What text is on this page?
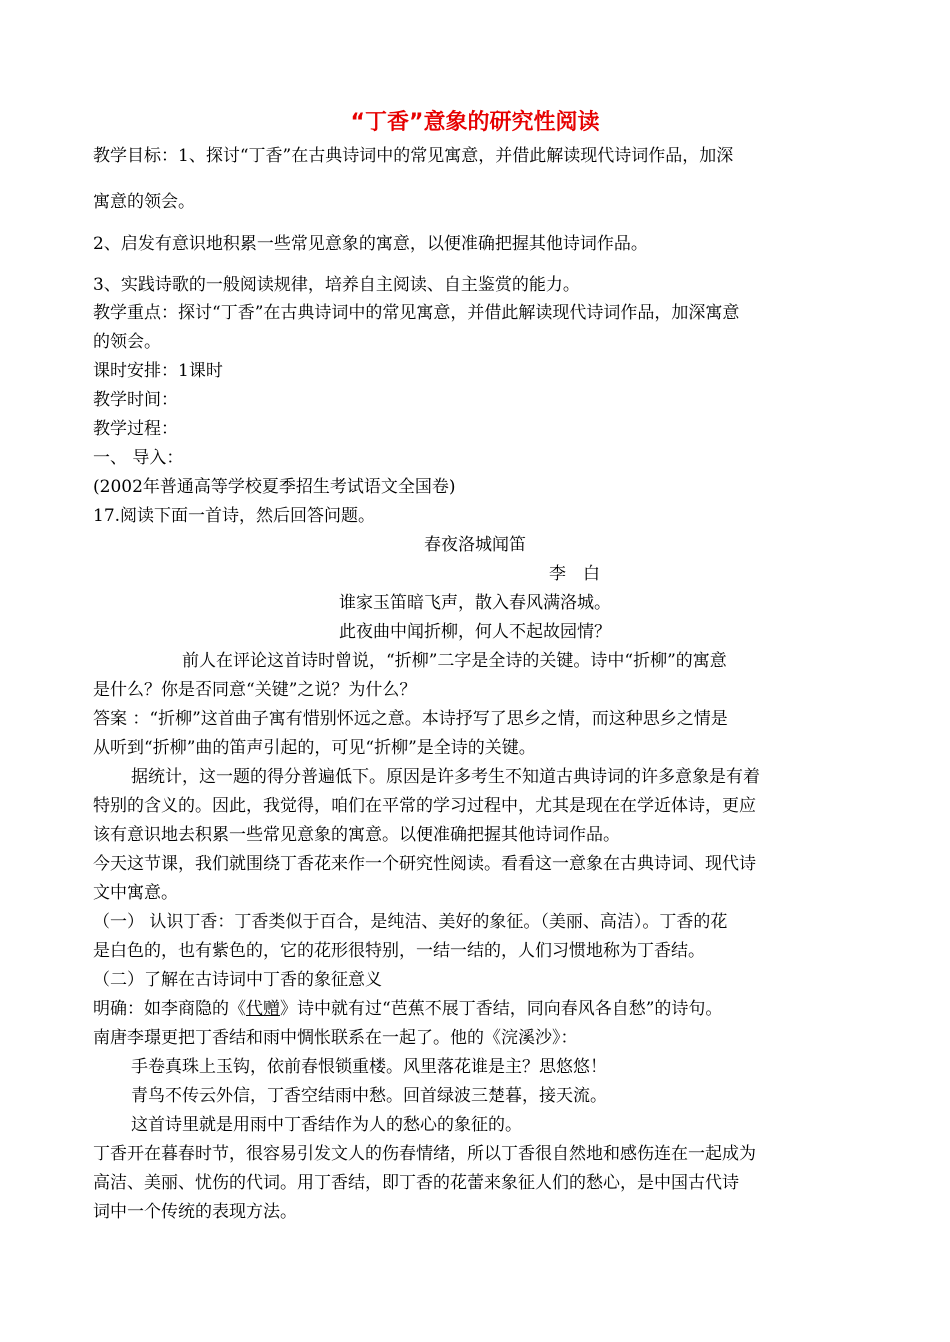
“丁香”意象的研究性阅读
教学目标：1、探讨“丁香”在古典诗词中的常见寓意，并借此解读现代诗词作品，加深
寓意的领会。
2、启发有意识地积累一些常见意象的寓意，以便准确把握其他诗词作品。
3、实践诗歌的一般阅读规律，培养自主阅读、自主鉴赏的能力。
教学重点：探讨“丁香”在古典诗词中的常见寓意，并借此解读现代诗词作品，加深寓意
的领会。
课时安排：1课时
教学时间：
教学过程：
一、 导入：
(2002年普通高等学校夏季招生考试语文全国卷)
17.阅读下面一首诗，然后回答问题。
春夜洛城闻笛
李　白
谁家玉笛暗飞声，散入春风满洛城。
此夜曲中闻折柳，何人不起故园情？
前人在评论这首诗时曾说，“折柳”二字是全诗的关键。诗中“折柳”的寓意
是什么？你是否同意“关键”之说？为什么？
答案 ：“折柳”这首曲子寓有惜别怀远之意。本诗抒写了思乡之情，而这种思乡之情是
从听到“折柳”曲的笛声引起的，可见“折柳”是全诗的关键。
据统计，这一题的得分普遍低下。原因是许多考生不知道古典诗词的许多意象是有着
特别的含义的。因此，我觉得，咱们在平常的学习过程中，尤其是现在在学近体诗，更应
该有意识地去积累一些常见意象的寓意。以便准确把握其他诗词作品。
今天这节课，我们就围绕丁香花来作一个研究性阅读。看看这一意象在古典诗词、现代诗
文中寓意。
（一） 认识丁香：丁香类似于百合，是纯洁、美好的象征。（美丽、高洁）。丁香的花
是白色的，也有紫色的，它的花形很特别，一结一结的，人们习惯地称为丁香结。
（二）了解在古诗词中丁香的象征意义
明确：如李商隐的《代赠》诗中就有过“芭蕉不展丁香结，同向春风各自愁”的诗句。
南唐李璟更把丁香结和雨中惆怅联系在一起了。他的《浣溪沙》：
手卷真珠上玉钩，依前春恨锁重楼。风里落花谁是主？思悠悠！
青鸟不传云外信，丁香空结雨中愁。回首绿波三楚暮，接天流。
这首诗里就是用雨中丁香结作为人的愁心的象征的。
丁香开在暮春时节，很容易引发文人的伤春情绪，所以丁香很自然地和感伤连在一起成为
高洁、美丽、忧伤的代词。用丁香结，即丁香的花蕾来象征人们的愁心，是中国古代诗
词中一个传统的表现方法。
